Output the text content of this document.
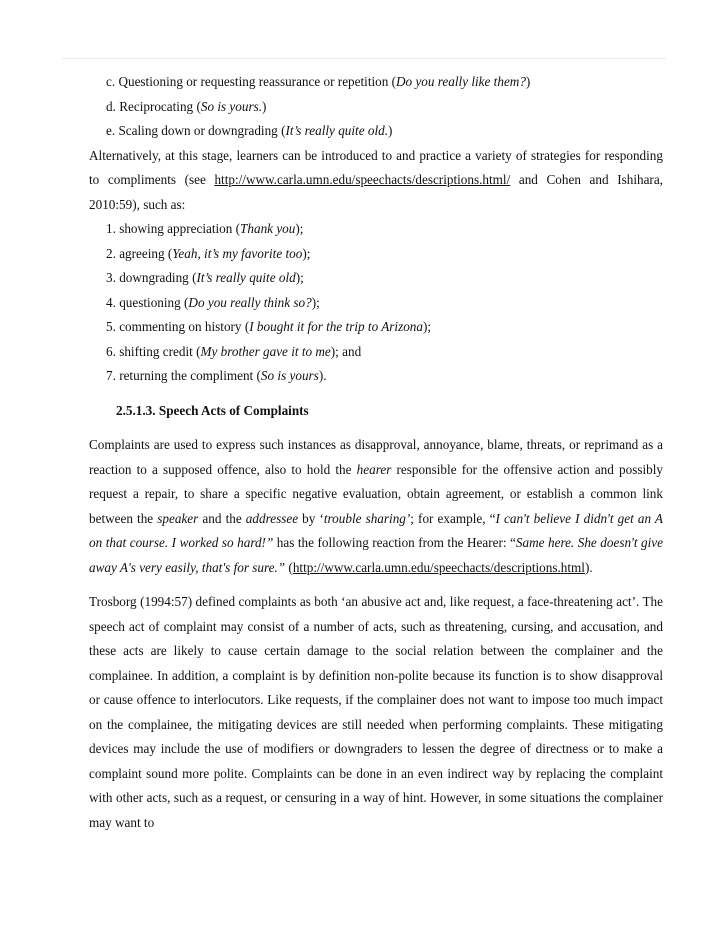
c. Questioning or requesting reassurance or repetition (Do you really like them?)
d. Reciprocating (So is yours.)
e. Scaling down or downgrading (It’s really quite old.)
Alternatively, at this stage, learners can be introduced to and practice a variety of strategies for responding to compliments (see http://www.carla.umn.edu/speechacts/descriptions.html/ and Cohen and Ishihara, 2010:59), such as:
1. showing appreciation (Thank you);
2. agreeing (Yeah, it’s my favorite too);
3. downgrading (It’s really quite old);
4. questioning (Do you really think so?);
5. commenting on history (I bought it for the trip to Arizona);
6. shifting credit (My brother gave it to me); and
7. returning the compliment (So is yours).
2.5.1.3. Speech Acts of Complaints
Complaints are used to express such instances as disapproval, annoyance, blame, threats, or reprimand as a reaction to a supposed offence, also to hold the hearer responsible for the offensive action and possibly request a repair, to share a specific negative evaluation, obtain agreement, or establish a common link between the speaker and the addressee by ‘trouble sharing’; for example, “I can't believe I didn't get an A on that course. I worked so hard!” has the following reaction from the Hearer: “Same here. She doesn't give away A's very easily, that's for sure.” (http://www.carla.umn.edu/speechacts/descriptions.html).
Trosborg (1994:57) defined complaints as both ‘an abusive act and, like request, a face-threatening act’. The speech act of complaint may consist of a number of acts, such as threatening, cursing, and accusation, and these acts are likely to cause certain damage to the social relation between the complainer and the complainee. In addition, a complaint is by definition non-polite because its function is to show disapproval or cause offence to interlocutors. Like requests, if the complainer does not want to impose too much impact on the complainee, the mitigating devices are still needed when performing complaints. These mitigating devices may include the use of modifiers or downgraders to lessen the degree of directness or to make a complaint sound more polite. Complaints can be done in an even indirect way by replacing the complaint with other acts, such as a request, or censuring in a way of hint. However, in some situations the complainer may want to
